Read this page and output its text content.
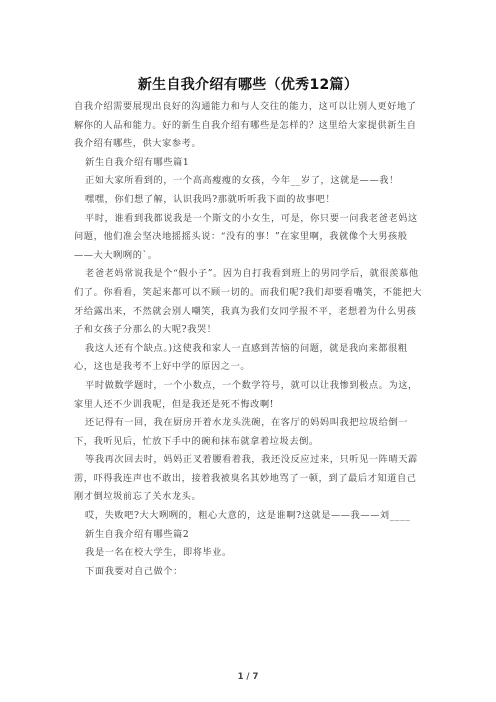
新生自我介绍有哪些（优秀12篇）

自我介绍需要展现出良好的沟通能力和与人交往的能力，这可以让别人更好地了解你的人品和能力。好的新生自我介绍有哪些是怎样的？这里给大家提供新生自我介绍有哪些，供大家参考。

新生自我介绍有哪些篇1

正如大家所看到的，一个高高瘦瘦的女孩，今年__岁了，这就是——我！

嘿嘿，你们想了解，认识我吗?那就听听我下面的故事吧！

平时，谁看到我都说我是一个斯文的小女生，可是，你只要一问我老爸老妈这问题，他们准会坚决地摇摇头说：“没有的事！”在家里啊，我就像个大男孩般——大大咧咧的`。

老爸老妈常说我是个“假小子”。因为自打我看到班上的男同学后，就很羡慕他们了。你看看，笑起来都可以不顾一切的。而我们呢?我们却要看嘴笑，不能把大牙给露出来，不然就会别人嘲笑，我真为我们女同学报不平，老想着为什么男孩子和女孩子分那么的大呢?我哭！

我这人还有个缺点。)这使我和家人一直感到苦恼的问题，就是我向来都很粗心，这也是我考不上好中学的原因之一。

平时做数学题时，一个小数点，一个数学符号，就可以让我惨到极点。为这，家里人还不少训我呢，但是我还是死不悔改啊!

还记得有一回，我在厨房开着水龙头洗碗，在客厅的妈妈叫我把垃圾给倒一下，我听见后，忙放下手中的碗和抹布就拿着垃圾去倒。

等我再次回去时，妈妈正叉着腰看着我，我还没反应过来，只听见一阵晴天霹雳，吓得我连声也不敢出，接着我被臭名其妙地骂了一顿，到了最后才知道自己刚才倒垃圾前忘了关水龙头。

哎，失败吧?大大咧咧的，粗心大意的，这是谁啊?这就是——我——刘____

新生自我介绍有哪些篇2

我是一名在校大学生，即将毕业。

下面我要对自己做个：

1 / 7
